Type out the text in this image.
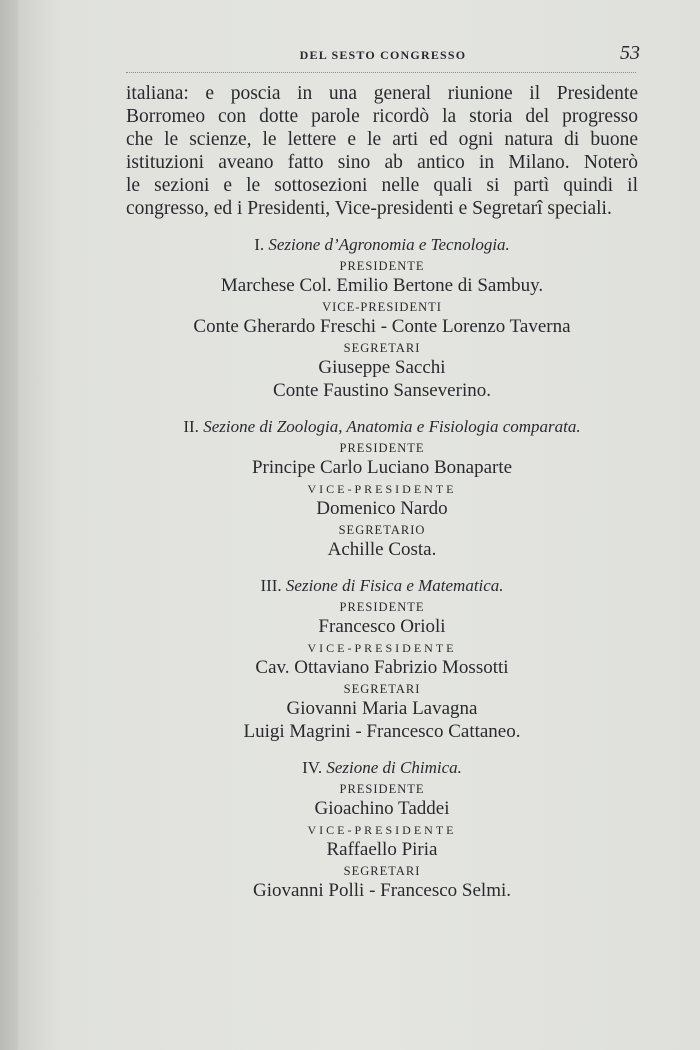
DEL SESTO CONGRESSO	53

italiana: e poscia in una general riunione il Presidente
Borromeo con dotte parole ricordò la storia del progresso
che le scienze, le lettere e le arti ed ogni natura di buone
istituzioni aveano fatto sino ab antico in Milano. Noterò
le sezioni e le sottosezioni nelle quali si partì quindi il
congresso, ed i Presidenti, Vice-presidenti e Segretarî speciali.

I. Sezione d’Agronomia e Tecnologia.
PRESIDENTE
Marchese Col. Emilio Bertone di Sambuy.
VICE-PRESIDENTI
Conte Gherardo Freschi - Conte Lorenzo Taverna
SEGRETARI
Giuseppe Sacchi
Conte Faustino Sanseverino.
II. Sezione di Zoologia, Anatomia e Fisiologia comparata.
PRESIDENTE
Principe Carlo Luciano Bonaparte
VICE-PRESIDENTE
Domenico Nardo
SEGRETARIO
Achille Costa.
III. Sezione di Fisica e Matematica.
PRESIDENTE
Francesco Orioli
VICE-PRESIDENTE
Cav. Ottaviano Fabrizio Mossotti
SEGRETARI
Giovanni Maria Lavagna
Luigi Magrini - Francesco Cattaneo.
IV. Sezione di Chimica.
PRESIDENTE
Gioachino Taddei
VICE-PRESIDENTE
Raffaello Piria
SEGRETARI
Giovanni Polli - Francesco Selmi.
